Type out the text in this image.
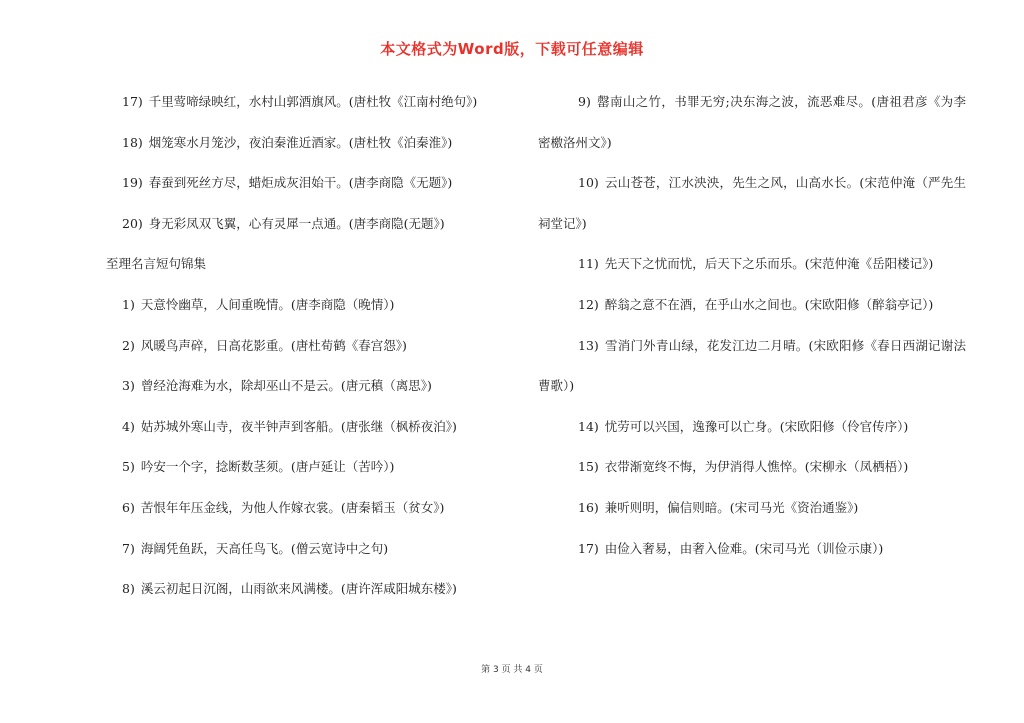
本文格式为Word版，下载可任意编辑

17) 千里莺啼绿映红，水村山郭酒旗风。(唐杜牧《江南村绝句》)

18) 烟笼寒水月笼沙，夜泊秦淮近酒家。(唐杜牧《泊秦淮》)

19) 春蚕到死丝方尽，蜡炬成灰泪始干。(唐李商隐《无题》)

20) 身无彩凤双飞翼，心有灵犀一点通。(唐李商隐(无题》)

至理名言短句锦集

1) 天意怜幽草，人间重晚情。(唐李商隐（晚情）)

2) 风暖鸟声碎，日高花影重。(唐杜荀鹤《春宫怨》)

3) 曾经沧海难为水，除却巫山不是云。(唐元稹（离思》)

4) 姑苏城外寒山寺，夜半钟声到客船。(唐张继（枫桥夜泊》)

5) 吟安一个字，捻断数茎须。(唐卢延让（苦吟）)

6) 苦恨年年压金线，为他人作嫁衣裳。(唐秦韬玉（贫女》)

7) 海阔凭鱼跃，天高任鸟飞。(僧云宽诗中之句)

8) 溪云初起日沉阁，山雨欲来风满楼。(唐许浑咸阳城东楼》)

9) 罄南山之竹，书罪无穷;决东海之波，流恶难尽。(唐祖君彦《为李密檄洛州文》)

10) 云山苍苍，江水泱泱，先生之风，山高水长。(宋范仲淹（严先生祠堂记》)

11) 先天下之忧而忧，后天下之乐而乐。(宋范仲淹《岳阳楼记》)

12) 醉翁之意不在酒，在乎山水之间也。(宋欧阳修（醉翁亭记）)

13) 雪消门外青山绿，花发江边二月晴。(宋欧阳修《春日西湖记谢法曹歌）)

14) 忧劳可以兴国，逸豫可以亡身。(宋欧阳修（伶官传序）)

15) 衣带渐宽终不悔，为伊消得人憔悴。(宋柳永（凤栖梧）)

16) 兼听则明，偏信则暗。(宋司马光《资治通鉴》)

17) 由俭入奢易，由奢入俭难。(宋司马光（训俭示康）)

第 3 页 共 4 页
